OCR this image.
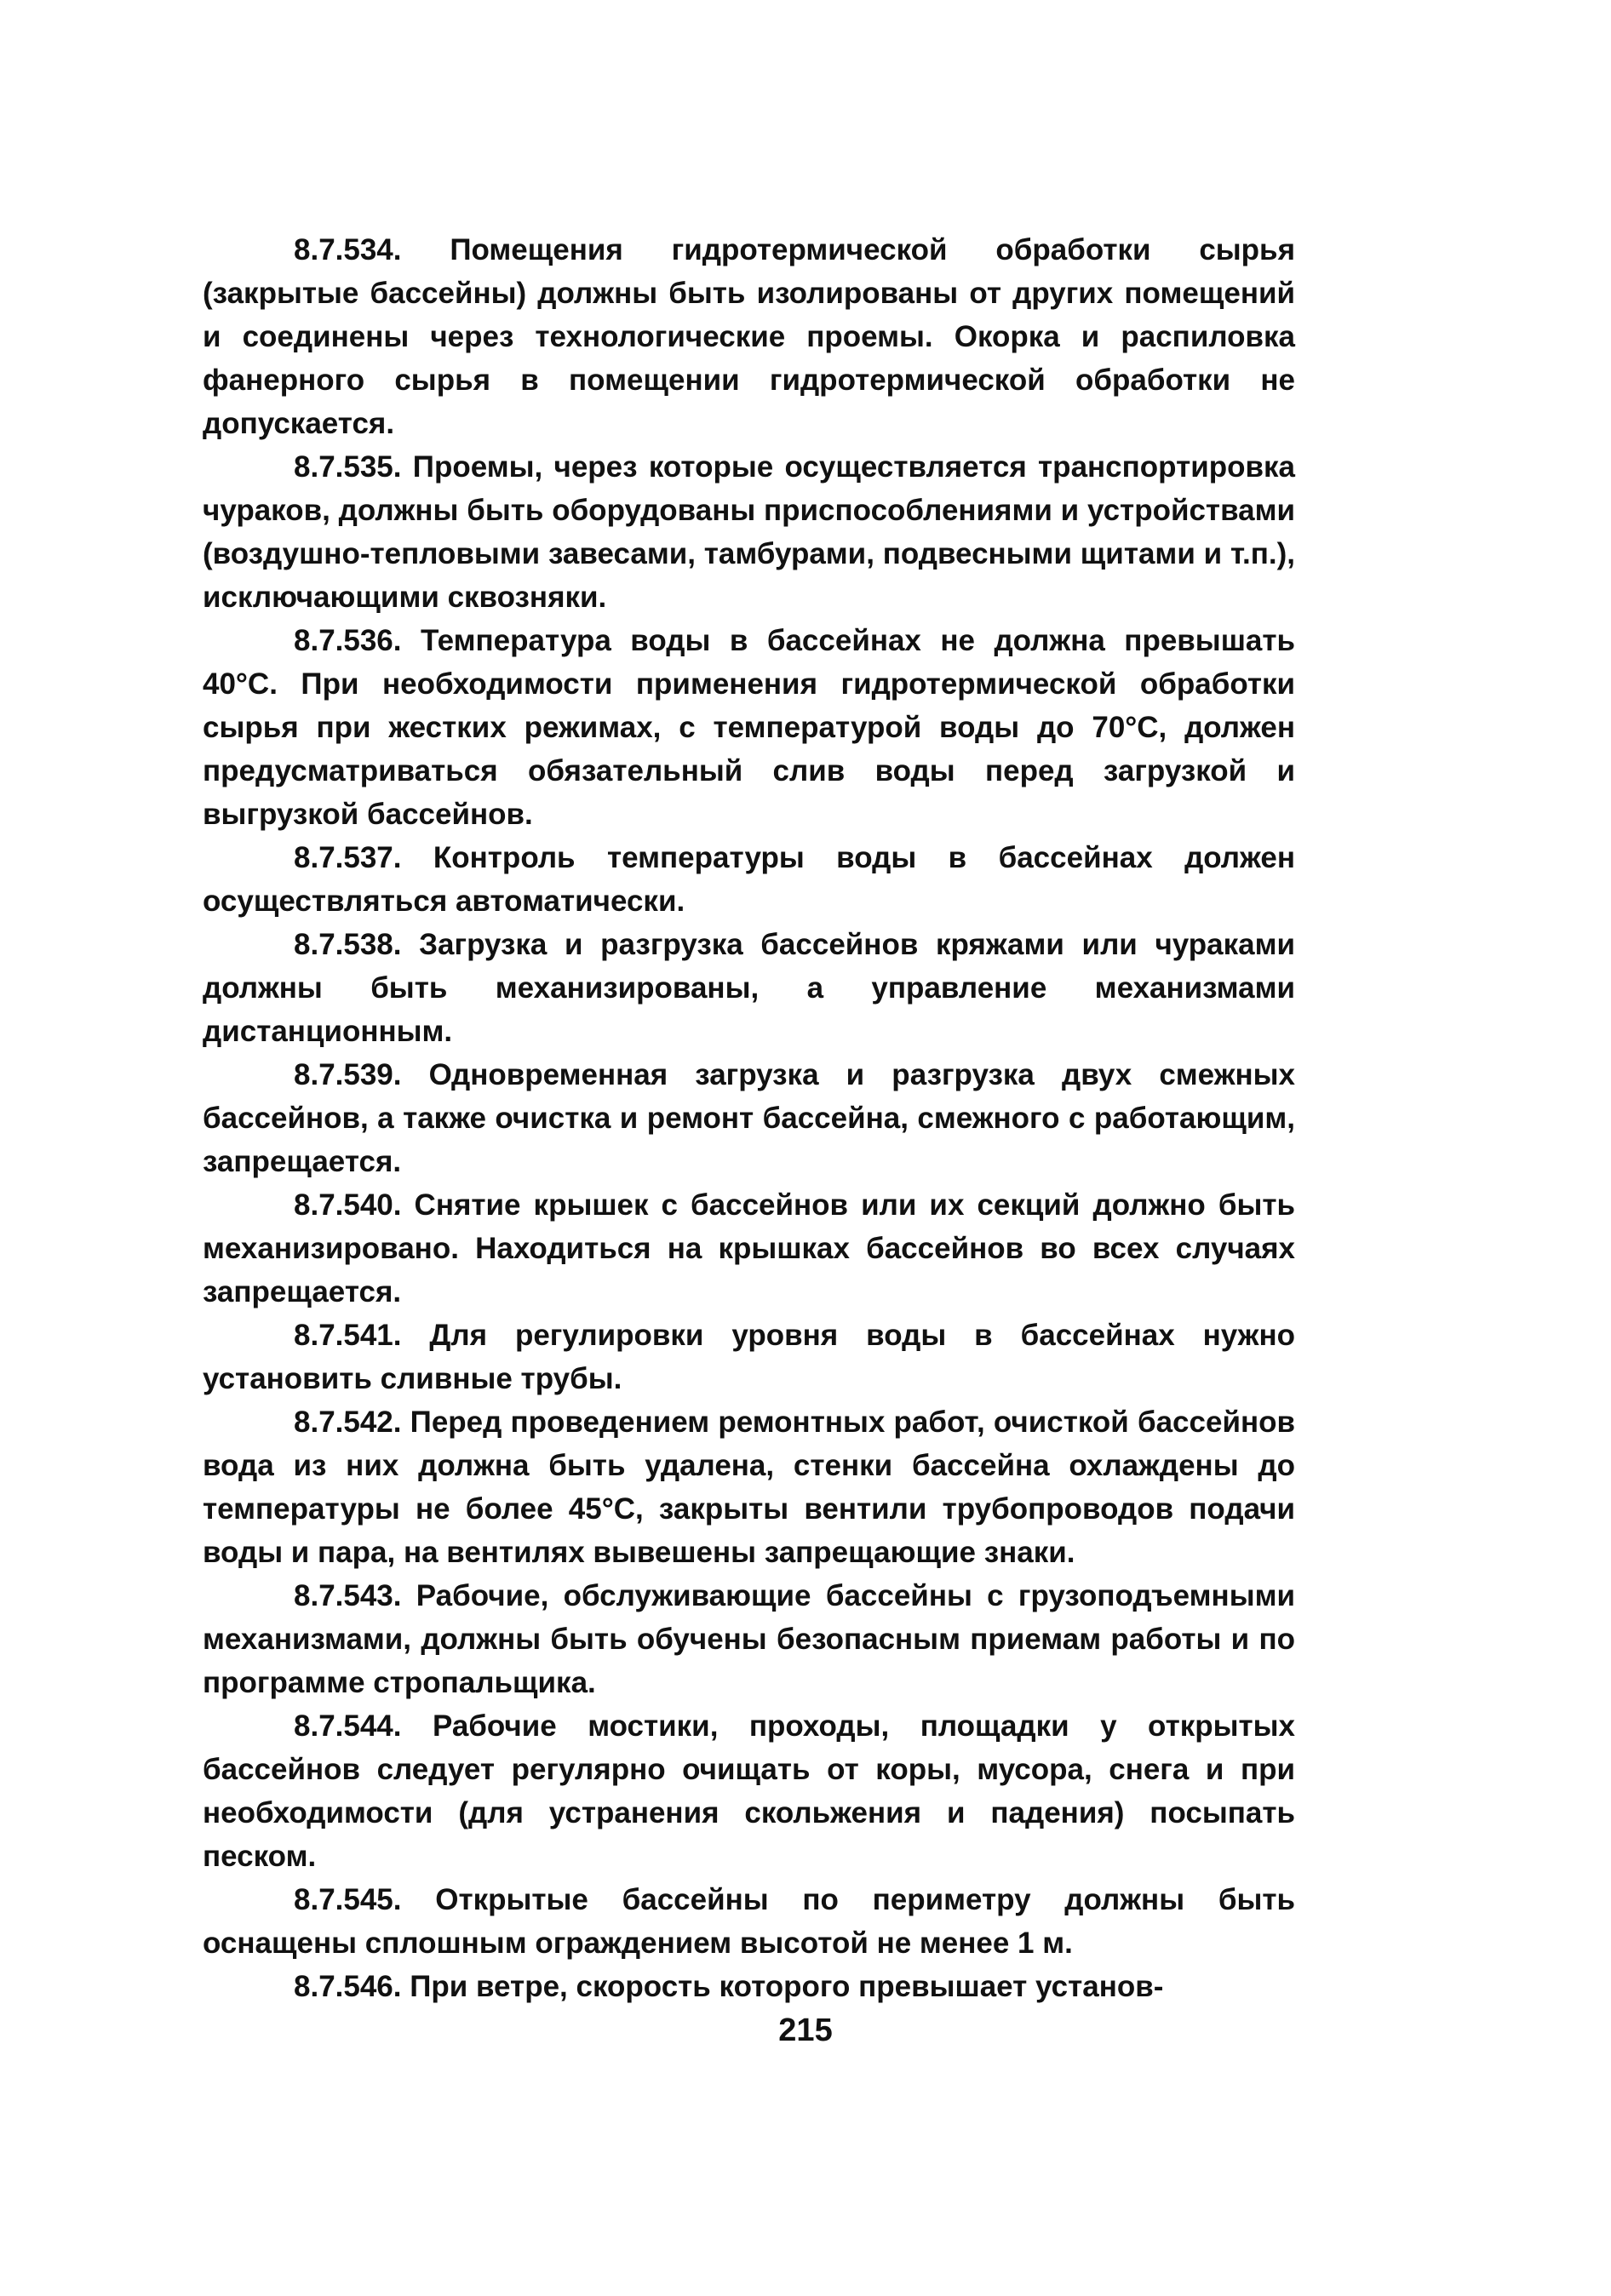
8.7.534. Помещения гидротермической обработки сырья (закрытые бассейны) должны быть изолированы от других помещений и соединены через технологические проемы. Окорка и распиловка фанерного сырья в помещении гидротермической обработки не допускается.

8.7.535. Проемы, через которые осуществляется транспортировка чураков, должны быть оборудованы приспособлениями и устройствами (воздушно-тепловыми завесами, тамбурами, подвесными щитами и т.п.), исключающими сквозняки.

8.7.536. Температура воды в бассейнах не должна превышать 40°С. При необходимости применения гидротермической обработки сырья при жестких режимах, с температурой воды до 70°С, должен предусматриваться обязательный слив воды перед загрузкой и выгрузкой бассейнов.

8.7.537. Контроль температуры воды в бассейнах должен осуществляться автоматически.

8.7.538. Загрузка и разгрузка бассейнов кряжами или чураками должны быть механизированы, а управление механизмами дистанционным.

8.7.539. Одновременная загрузка и разгрузка двух смежных бассейнов, а также очистка и ремонт бассейна, смежного с работающим, запрещается.

8.7.540. Снятие крышек с бассейнов или их секций должно быть механизировано. Находиться на крышках бассейнов во всех случаях запрещается.

8.7.541. Для регулировки уровня воды в бассейнах нужно установить сливные трубы.

8.7.542. Перед проведением ремонтных работ, очисткой бассейнов вода из них должна быть удалена, стенки бассейна охлаждены до температуры не более 45°С, закрыты вентили трубопроводов подачи воды и пара, на вентилях вывешены запрещающие знаки.

8.7.543. Рабочие, обслуживающие бассейны с грузоподъемными механизмами, должны быть обучены безопасным приемам работы и по программе стропальщика.

8.7.544. Рабочие мостики, проходы, площадки у открытых бассейнов следует регулярно очищать от коры, мусора, снега и при необходимости (для устранения скольжения и падения) посыпать песком.

8.7.545. Открытые бассейны по периметру должны быть оснащены сплошным ограждением высотой не менее 1 м.

8.7.546. При ветре, скорость которого превышает установ-

215
